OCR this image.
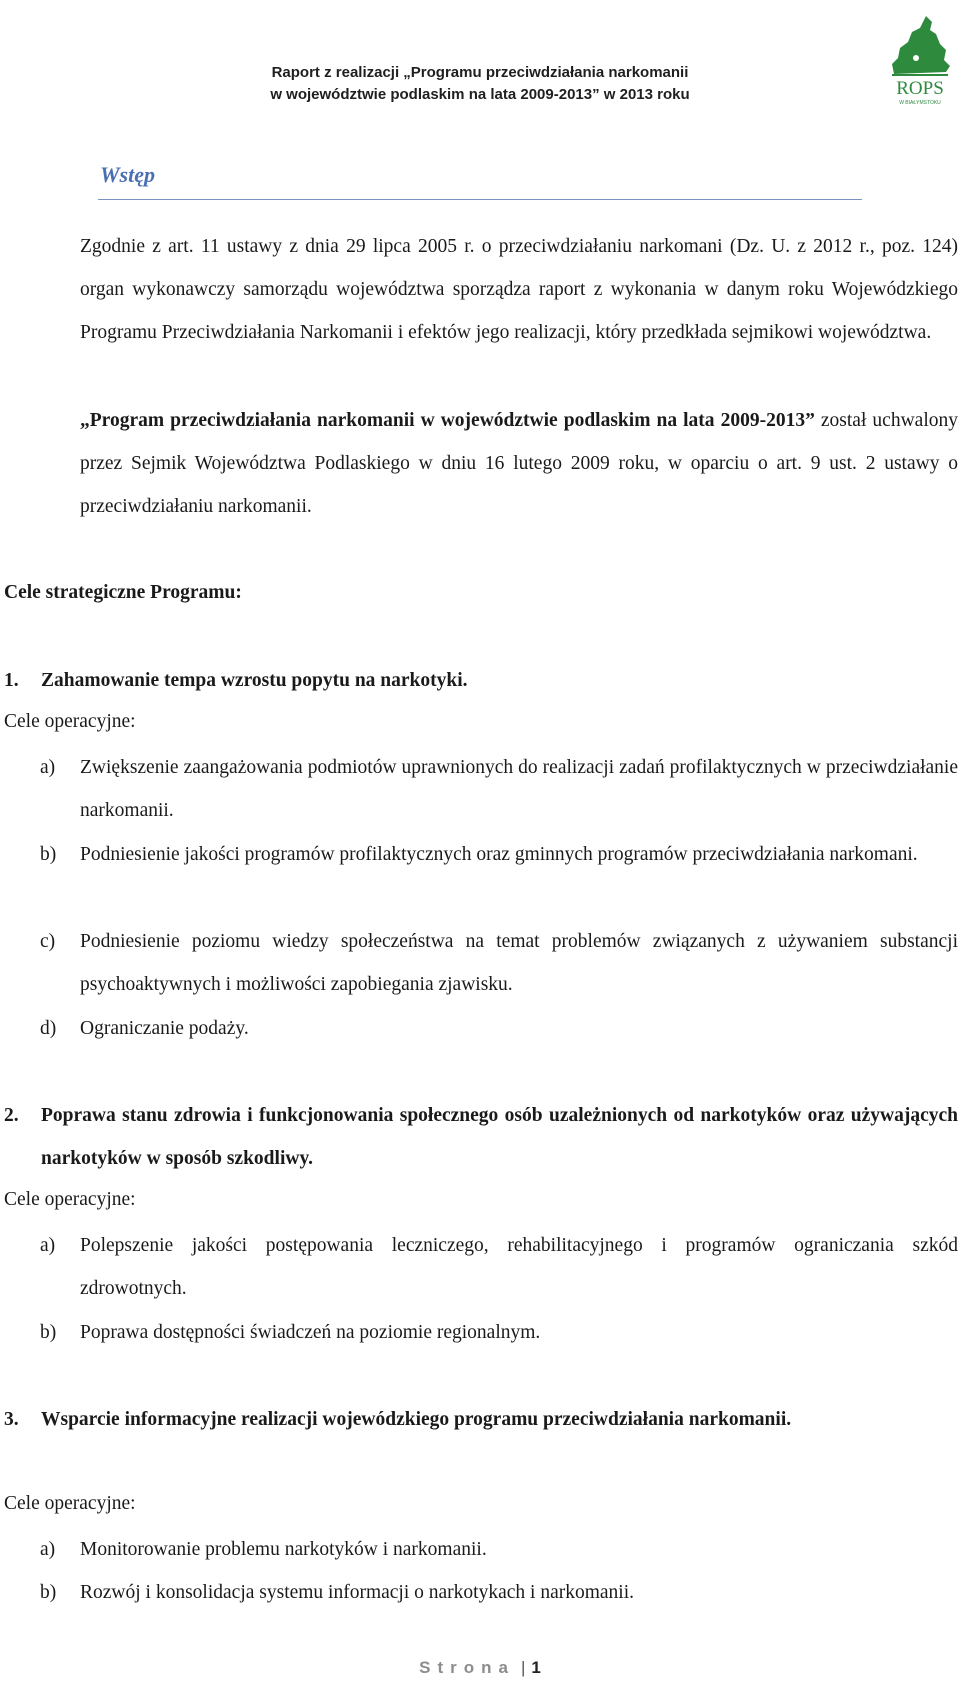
Raport z realizacji „Programu przeciwdziałania narkomanii
w województwie podlaskim na lata 2009-2013” w 2013 roku	ROPS
W BIAŁYMSTOKU
Wstęp
Zgodnie z art. 11 ustawy z dnia 29 lipca 2005 r. o przeciwdziałaniu narkomani (Dz. U. z 2012 r., poz. 124) organ wykonawczy samorządu województwa sporządza raport z wykonania w danym roku Wojewódzkiego Programu Przeciwdziałania Narkomanii i efektów jego realizacji, który przedkłada sejmikowi województwa.
„Program przeciwdziałania narkomanii w województwie podlaskim na lata 2009-2013” został uchwalony przez Sejmik Województwa Podlaskiego w dniu 16 lutego 2009 roku, w oparciu o art. 9 ust. 2 ustawy o przeciwdziałaniu narkomanii.
Cele strategiczne Programu:
1.	Zahamowanie tempa wzrostu popytu na narkotyki.
Cele operacyjne:
a)	Zwiększenie zaangażowania podmiotów uprawnionych do realizacji zadań profilaktycznych w przeciwdziałanie narkomanii.
b)	Podniesienie jakości programów profilaktycznych oraz gminnych programów przeciwdziałania narkomani.
c)	Podniesienie poziomu wiedzy społeczeństwa na temat problemów związanych z używaniem substancji psychoaktywnych i możliwości zapobiegania zjawisku.
d)	Ograniczanie podaży.
2.	Poprawa stanu zdrowia i funkcjonowania społecznego osób uzależnionych od narkotyków oraz używających narkotyków w sposób szkodliwy.
Cele operacyjne:
a)	Polepszenie jakości postępowania leczniczego, rehabilitacyjnego i programów ograniczania szkód zdrowotnych.
b)	Poprawa dostępności świadczeń na poziomie regionalnym.
3.	Wsparcie informacyjne realizacji wojewódzkiego programu przeciwdziałania narkomanii.
Cele operacyjne:
a)	Monitorowanie problemu narkotyków i narkomanii.
b)	Rozwój i konsolidacja systemu informacji o narkotykach i narkomanii.
Strona | 1
